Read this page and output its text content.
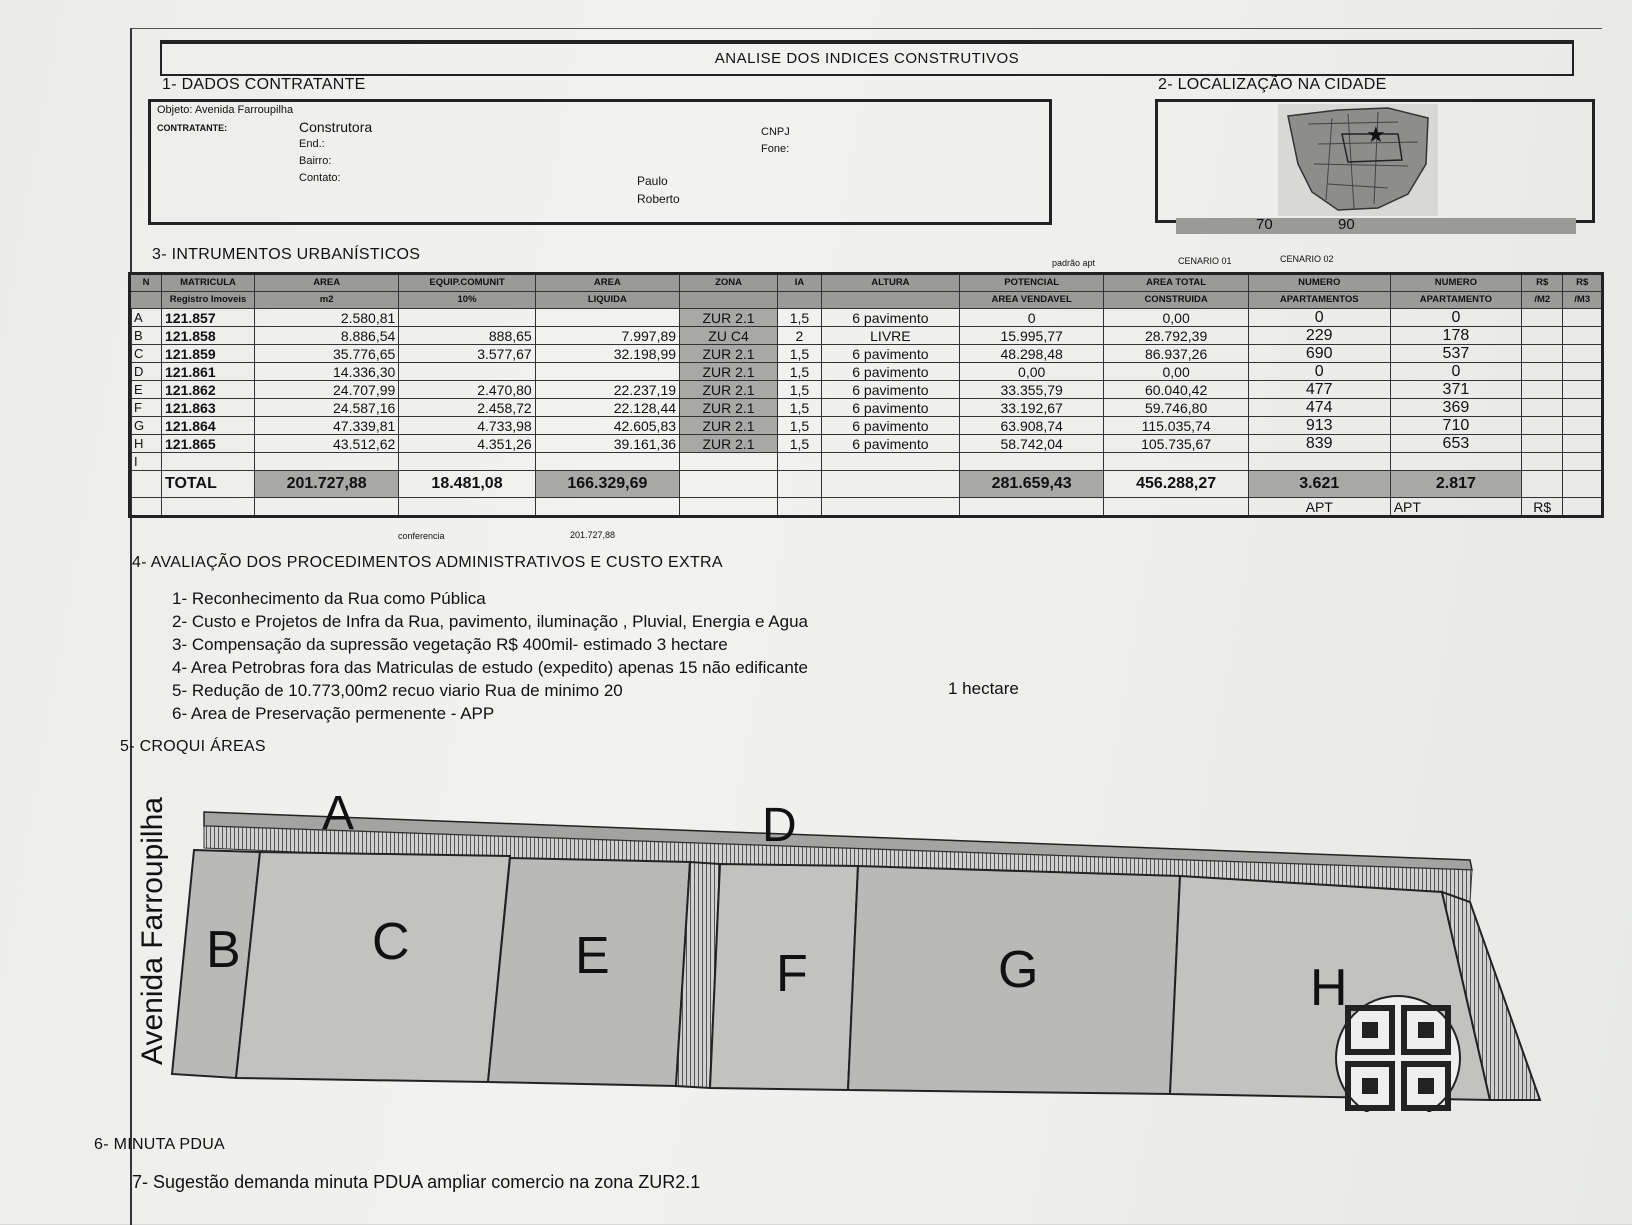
ANALISE DOS INDICES CONSTRUTIVOS
1- DADOS CONTRATANTE
Objeto: Avenida Farroupilha
CONTRATANTE:	Construtora
End.:
Bairro:
Contato:	Paulo
Roberto
CNPJ
Fone:
2- LOCALIZAÇÃO NA CIDADE
★
70	90
3- INTRUMENTOS URBANÍSTICOS	padrão apt	CENARIO 01	CENARIO 02
N	MATRICULA	AREA	EQUIP.COMUNIT	AREA	ZONA	IA	ALTURA	POTENCIAL	AREA TOTAL	NUMERO	NUMERO	R$	R$
	Registro Imoveis	m2	10%	LIQUIDA				AREA VENDAVEL	CONSTRUIDA	APARTAMENTOS	APARTAMENTO	/M2	/M3
A	121.857	2.580,81			ZUR 2.1	1,5	6 pavimento	0	0,00	0	0		
B	121.858	8.886,54	888,65	7.997,89	ZU C4	2	LIVRE	15.995,77	28.792,39	229	178		
C	121.859	35.776,65	3.577,67	32.198,99	ZUR 2.1	1,5	6 pavimento	48.298,48	86.937,26	690	537		
D	121.861	14.336,30			ZUR 2.1	1,5	6 pavimento	0,00	0,00	0	0		
E	121.862	24.707,99	2.470,80	22.237,19	ZUR 2.1	1,5	6 pavimento	33.355,79	60.040,42	477	371		
F	121.863	24.587,16	2.458,72	22.128,44	ZUR 2.1	1,5	6 pavimento	33.192,67	59.746,80	474	369		
G	121.864	47.339,81	4.733,98	42.605,83	ZUR 2.1	1,5	6 pavimento	63.908,74	115.035,74	913	710		
H	121.865	43.512,62	4.351,26	39.161,36	ZUR 2.1	1,5	6 pavimento	58.742,04	105.735,67	839	653		
I													
	TOTAL	201.727,88	18.481,08	166.329,69				281.659,43	456.288,27	3.621	2.817		
										APT	APT	R$	
conferencia	201.727,88
4- AVALIAÇÃO DOS PROCEDIMENTOS ADMINISTRATIVOS E CUSTO EXTRA
1- Reconhecimento da Rua como Pública
2- Custo e Projetos de Infra da Rua, pavimento, iluminação , Pluvial, Energia e Agua
3- Compensação da supressão vegetação R$ 400mil- estimado 3 hectare
4- Area Petrobras fora das Matriculas de estudo (expedito) apenas 15 não edificante
5- Redução de 10.773,00m2 recuo viario Rua de minimo 20
6- Area de Preservação permenente - APP
1 hectare
5- CROQUI ÁREAS
Avenida Farroupilha	A
B	C
D
E	F	G	H
6- MINUTA PDUA
7- Sugestão demanda minuta PDUA ampliar comercio na zona ZUR2.1
